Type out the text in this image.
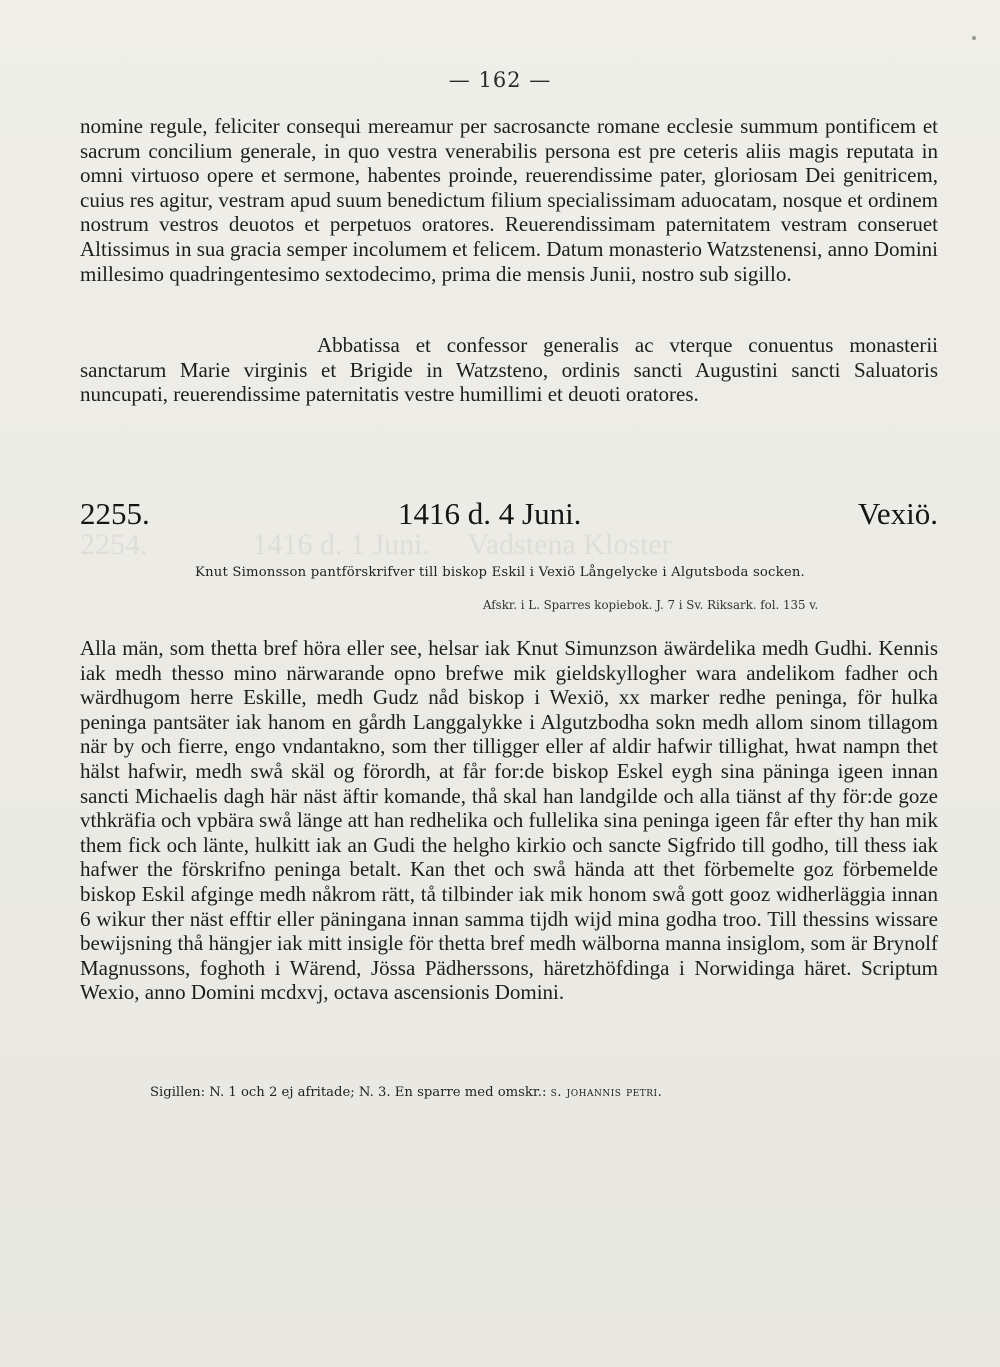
2254.              1416 d. 1 Juni.     Vadstena Kloster
— 162 —
nomine regule, feliciter consequi mereamur per sacrosancte romane ecclesie summum pontificem et sacrum concilium generale, in quo vestra venerabilis persona est pre ceteris aliis magis reputata in omni virtuoso opere et sermone, habentes proinde, reuerendissime pater, gloriosam Dei genitricem, cuius res agitur, vestram apud suum benedictum filium specialissimam aduocatam, nosque et ordinem nostrum vestros deuotos et perpetuos oratores. Reuerendissimam paternitatem vestram conseruet Altissimus in sua gracia semper incolumem et felicem. Datum monasterio Watzstenensi, anno Domini millesimo quadringentesimo sextodecimo, prima die mensis Junii, nostro sub sigillo.
Abbatissa et confessor generalis ac vterque conuentus monasterii sanctarum Marie virginis et Brigide in Watzsteno, ordinis sancti Augustini sancti Saluatoris nuncupati, reuerendissime paternitatis vestre humillimi et deuoti oratores.
2255.	1416 d. 4 Juni.	Vexiö.
Knut Simonsson pantförskrifver till biskop Eskil i Vexiö Långelycke i Algutsboda socken.
Afskr. i L. Sparres kopiebok. J. 7 i Sv. Riksark. fol. 135 v.
Alla män, som thetta bref höra eller see, helsar iak Knut Simunzson äwärdelika medh Gudhi. Kennis iak medh thesso mino närwarande opno brefwe mik gieldskyllogher wara andelikom fadher och wärdhugom herre Eskille, medh Gudz nåd biskop i Wexiö, xx marker redhe peninga, för hulka peninga pantsäter iak hanom en gårdh Langgalykke i Algutzbodha sokn medh allom sinom tillagom när by och fierre, engo vndantakno, som ther tilligger eller af aldir hafwir tillighat, hwat nampn thet hälst hafwir, medh swå skäl og förordh, at får for:de biskop Eskel eygh sina päninga igeen innan sancti Michaelis dagh här näst äftir komande, thå skal han landgilde och alla tiänst af thy för:de goze vthkräfia och vpbära swå länge att han redhelika och fullelika sina peninga igeen får efter thy han mik them fick och länte, hulkitt iak an Gudi the helgho kirkio och sancte Sigfrido till godho, till thess iak hafwer the förskrifno peninga betalt. Kan thet och swå hända att thet förbemelte goz förbemelde biskop Eskil afginge medh nåkrom rätt, tå tilbinder iak mik honom swå gott gooz widherläggia innan 6 wikur ther näst efftir eller päningana innan samma tijdh wijd mina godha troo. Till thessins wissare bewijsning thå hängjer iak mitt insigle för thetta bref medh wälborna manna insiglom, som är Brynolf Magnussons, foghoth i Wärend, Jössa Pädherssons, häretzhöfdinga i Norwidinga häret. Scriptum Wexio, anno Domini mcdxvj, octava ascensionis Domini.
Sigillen: N. 1 och 2 ej afritade; N. 3. En sparre med omskr.: s. johannis petri.
